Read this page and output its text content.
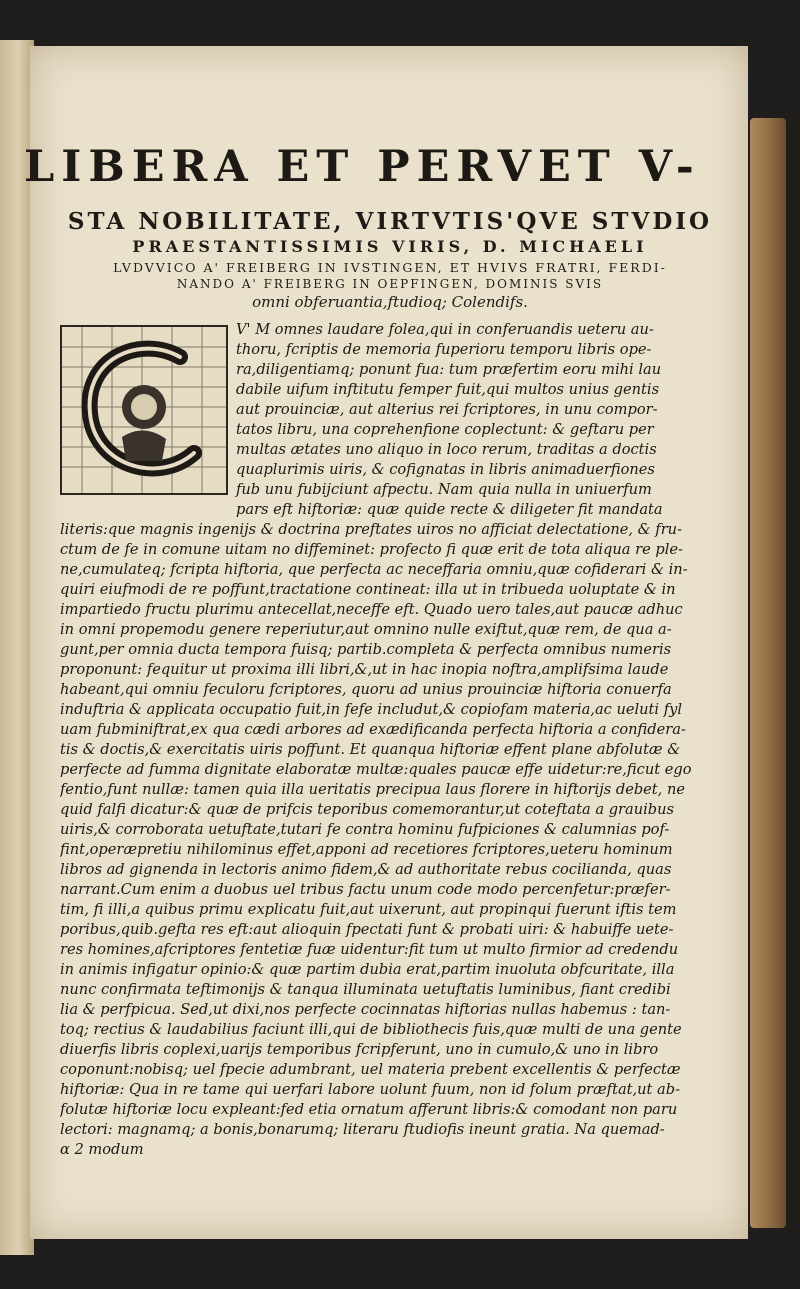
LIBERA ET PERVET V-
STA NOBILITATE, VIRTVTIS'QVE STVDIO
PRAESTANTISSIMIS VIRIS, D. MICHAELI
LVDVVICO A' FREIBERG IN IVSTINGEN, ET HVIVS FRATRI, FERDI-
NANDO A' FREIBERG IN OEPFINGEN, DOMINIS SVIS
omni obferuantia,ftudioq; Colendifs.
V' M omnes laudare folea,qui in conferuandis ueteru au-
thoru, fcriptis de memoria fuperioru temporu libris ope-
ra,diligentiamq; ponunt fua: tum præfertim eoru mihi lau
dabile uifum inftitutu femper fuit,qui multos unius gentis
aut prouinciæ, aut alterius rei fcriptores, in unu compor-
tatos libru, una coprehenfione coplectunt: & geftaru per
multas ætates uno aliquo in loco rerum, traditas a doctis
quaplurimis uiris, & cofignatas in libris animaduerfiones
fub unu fubijciunt afpectu. Nam quia nulla in uniuerfum
pars eft hiftoriæ: quæ quide recte & diligeter fit mandata
literis:que magnis ingenijs & doctrina preftates uiros no afficiat delectatione, & fru-
ctum de fe in comune uitam no diffeminet: profecto fi quæ erit de tota aliqua re ple-
ne,cumulateq; fcripta hiftoria, que perfecta ac neceffaria omniu,quæ cofiderari & in-
quiri eiufmodi de re poffunt,tractatione contineat: illa ut in tribueda uoluptate & in
impartiedo fructu plurimu antecellat,neceffe eft. Quado uero tales,aut paucæ adhuc
in omni propemodu genere reperiutur,aut omnino nulle exiftut,quæ rem, de qua a-
gunt,per omnia ducta tempora fuisq; partib.completa & perfecta omnibus numeris
proponunt: fequitur ut proxima illi libri,&,ut in hac inopia noftra,amplifsima laude
habeant,qui omniu feculoru fcriptores, quoru ad unius prouinciæ hiftoria conuerfa
induftria & applicata occupatio fuit,in fefe includut,& copiofam materia,ac ueluti fyl
uam fubminiftrat,ex qua cædi arbores ad exædificanda perfecta hiftoria a confidera-
tis & doctis,& exercitatis uiris poffunt. Et quanqua hiftoriæ effent plane abfolutæ &
perfecte ad fumma dignitate elaboratæ multæ:quales paucæ effe uidetur:re,ficut ego
fentio,funt nullæ: tamen quia illa ueritatis precipua laus florere in hiftorijs debet, ne
quid falfi dicatur:& quæ de prifcis teporibus comemorantur,ut coteftata a grauibus
uiris,& corroborata uetuftate,tutari fe contra hominu fufpiciones & calumnias pof-
fint,operæpretiu nihilominus effet,apponi ad recetiores fcriptores,ueteru hominum
libros ad gignenda in lectoris animo fidem,& ad authoritate rebus cocilianda, quas
narrant.Cum enim a duobus uel tribus factu unum code modo percenfetur:præfer-
tim, fi illi,a quibus primu explicatu fuit,aut uixerunt, aut propinqui fuerunt iftis tem
poribus,quib.gefta res eft:aut alioquin fpectati funt & probati uiri: & habuiffe uete-
res homines,afcriptores fentetiæ fuæ uidentur:fit tum ut multo firmior ad credendu
in animis infigatur opinio:& quæ partim dubia erat,partim inuoluta obfcuritate, illa
nunc confirmata teftimonijs & tanqua illuminata uetuftatis luminibus, fiant credibi
lia & perfpicua. Sed,ut dixi,nos perfecte cocinnatas hiftorias nullas habemus : tan-
toq; rectius & laudabilius faciunt illi,qui de bibliothecis fuis,quæ multi de una gente
diuerfis libris coplexi,uarijs temporibus fcripferunt, uno in cumulo,& uno in libro
coponunt:nobisq; uel fpecie adumbrant, uel materia prebent excellentis & perfectæ
hiftoriæ: Qua in re tame qui uerfari labore uolunt fuum, non id folum præftat,ut ab-
folutæ hiftoriæ locu expleant:fed etia ornatum afferunt libris:& comodant non paru
lectori: magnamq; a bonis,bonarumq; literaru ftudiofis ineunt gratia. Na quemad-
α 2 modum
